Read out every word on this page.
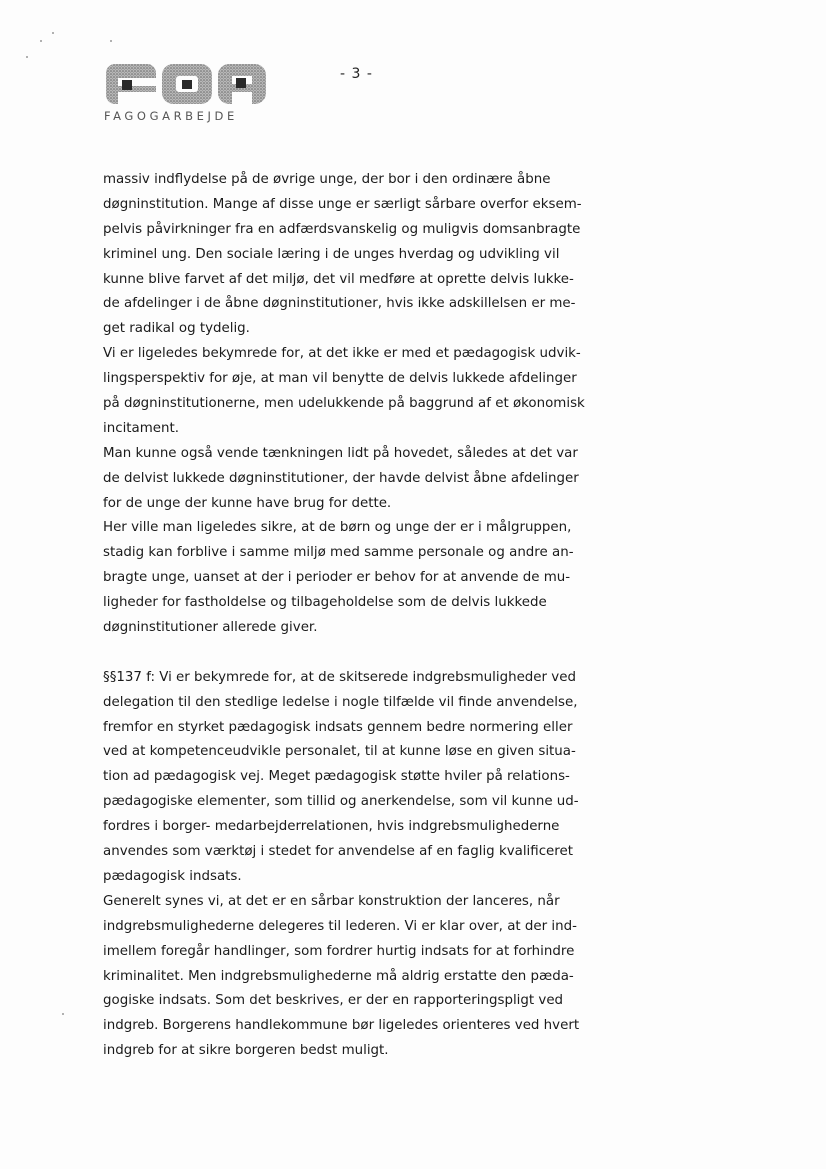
FAGOGARBEJDE
- 3 -
massiv indflydelse på de øvrige unge, der bor i den ordinære åbne
døgninstitution. Mange af disse unge er særligt sårbare overfor eksem-
pelvis påvirkninger fra en adfærdsvanskelig og muligvis domsanbragte
kriminel ung. Den sociale læring i de unges hverdag og udvikling vil
kunne blive farvet af det miljø, det vil medføre at oprette delvis lukke-
de afdelinger i de åbne døgninstitutioner, hvis ikke adskillelsen er me-
get radikal og tydelig.
Vi er ligeledes bekymrede for, at det ikke er med et pædagogisk udvik-
lingsperspektiv for øje, at man vil benytte de delvis lukkede afdelinger
på døgninstitutionerne, men udelukkende på baggrund af et økonomisk
incitament.
Man kunne også vende tænkningen lidt på hovedet, således at det var
de delvist lukkede døgninstitutioner, der havde delvist åbne afdelinger
for de unge der kunne have brug for dette.
Her ville man ligeledes sikre, at de børn og unge der er i målgruppen,
stadig kan forblive i samme miljø med samme personale og andre an-
bragte unge, uanset at der i perioder er behov for at anvende de mu-
ligheder for fastholdelse og tilbageholdelse som de delvis lukkede
døgninstitutioner allerede giver.
§§137 f: Vi er bekymrede for, at de skitserede indgrebsmuligheder ved
delegation til den stedlige ledelse i nogle tilfælde vil finde anvendelse,
fremfor en styrket pædagogisk indsats gennem bedre normering eller
ved at kompetenceudvikle personalet, til at kunne løse en given situa-
tion ad pædagogisk vej. Meget pædagogisk støtte hviler på relations-
pædagogiske elementer, som tillid og anerkendelse, som vil kunne ud-
fordres i borger- medarbejderrelationen, hvis indgrebsmulighederne
anvendes som værktøj i stedet for anvendelse af en faglig kvalificeret
pædagogisk indsats.
Generelt synes vi, at det er en sårbar konstruktion der lanceres, når
indgrebsmulighederne delegeres til lederen. Vi er klar over, at der ind-
imellem foregår handlinger, som fordrer hurtig indsats for at forhindre
kriminalitet. Men indgrebsmulighederne må aldrig erstatte den pæda-
gogiske indsats. Som det beskrives, er der en rapporteringspligt ved
indgreb. Borgerens handlekommune bør ligeledes orienteres ved hvert
indgreb for at sikre borgeren bedst muligt.
